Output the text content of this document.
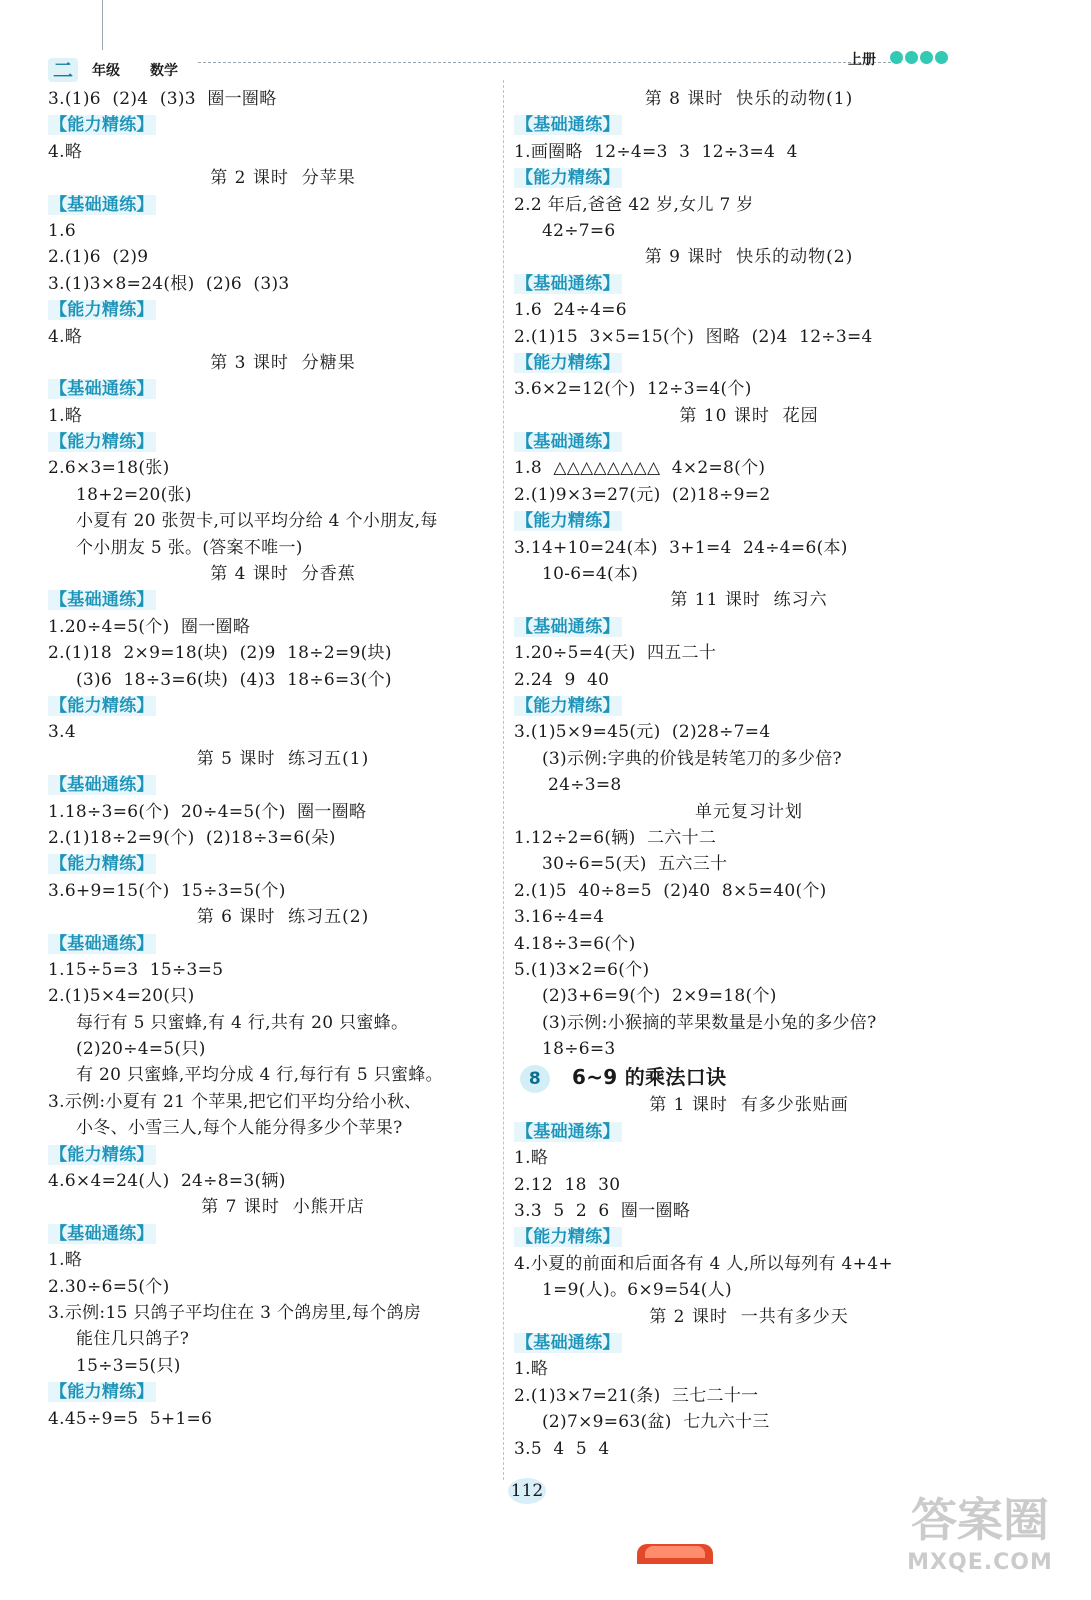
二	年级 数学
上册
3.(1)6  (2)4  (3)3  圈一圈略
【能力精练】
4.略
第 2 课时  分苹果
【基础通练】
1.6
2.(1)6  (2)9
3.(1)3×8=24(根)  (2)6  (3)3
【能力精练】
4.略
第 3 课时  分糖果
【基础通练】
1.略
【能力精练】
2.6×3=18(张)
18+2=20(张)
小夏有 20 张贺卡,可以平均分给 4 个小朋友,每
个小朋友 5 张。(答案不唯一)
第 4 课时  分香蕉
【基础通练】
1.20÷4=5(个)  圈一圈略
2.(1)18  2×9=18(块)  (2)9  18÷2=9(块)
(3)6  18÷3=6(块)  (4)3  18÷6=3(个)
【能力精练】
3.4
第 5 课时  练习五(1)
【基础通练】
1.18÷3=6(个)  20÷4=5(个)  圈一圈略
2.(1)18÷2=9(个)  (2)18÷3=6(朵)
【能力精练】
3.6+9=15(个)  15÷3=5(个)
第 6 课时  练习五(2)
【基础通练】
1.15÷5=3  15÷3=5
2.(1)5×4=20(只)
每行有 5 只蜜蜂,有 4 行,共有 20 只蜜蜂。
(2)20÷4=5(只)
有 20 只蜜蜂,平均分成 4 行,每行有 5 只蜜蜂。
3.示例:小夏有 21 个苹果,把它们平均分给小秋、
小冬、小雪三人,每个人能分得多少个苹果?
【能力精练】
4.6×4=24(人)  24÷8=3(辆)
第 7 课时  小熊开店
【基础通练】
1.略
2.30÷6=5(个)
3.示例:15 只鸽子平均住在 3 个鸽房里,每个鸽房
能住几只鸽子?
15÷3=5(只)
【能力精练】
4.45÷9=5  5+1=6
第 8 课时  快乐的动物(1)
【基础通练】
1.画圈略  12÷4=3  3  12÷3=4  4
【能力精练】
2.2 年后,爸爸 42 岁,女儿 7 岁
42÷7=6
第 9 课时  快乐的动物(2)
【基础通练】
1.6  24÷4=6
2.(1)15  3×5=15(个)  图略  (2)4  12÷3=4
【能力精练】
3.6×2=12(个)  12÷3=4(个)
第 10 课时  花园
【基础通练】
1.8  △△△△△△△△  4×2=8(个)
2.(1)9×3=27(元)  (2)18÷9=2
【能力精练】
3.14+10=24(本)  3+1=4  24÷4=6(本)
10-6=4(本)
第 11 课时  练习六
【基础通练】
1.20÷5=4(天)  四五二十
2.24  9  40
【能力精练】
3.(1)5×9=45(元)  (2)28÷7=4
(3)示例:字典的价钱是转笔刀的多少倍?
24÷3=8
单元复习计划
1.12÷2=6(辆)  二六十二
30÷6=5(天)  五六三十
2.(1)5  40÷8=5  (2)40  8×5=40(个)
3.16÷4=4
4.18÷3=6(个)
5.(1)3×2=6(个)
(2)3+6=9(个)  2×9=18(个)
(3)示例:小猴摘的苹果数量是小兔的多少倍?
18÷6=3
8 6~9 的乘法口诀
第 1 课时  有多少张贴画
【基础通练】
1.略
2.12  18  30
3.3  5  2  6  圈一圈略
【能力精练】
4.小夏的前面和后面各有 4 人,所以每列有 4+4+
1=9(人)。6×9=54(人)
第 2 课时  一共有多少天
【基础通练】
1.略
2.(1)3×7=21(条)  三七二十一
(2)7×9=63(盆)  七九六十三
3.5  4  5  4
112
答案圈
MXQE.COM
